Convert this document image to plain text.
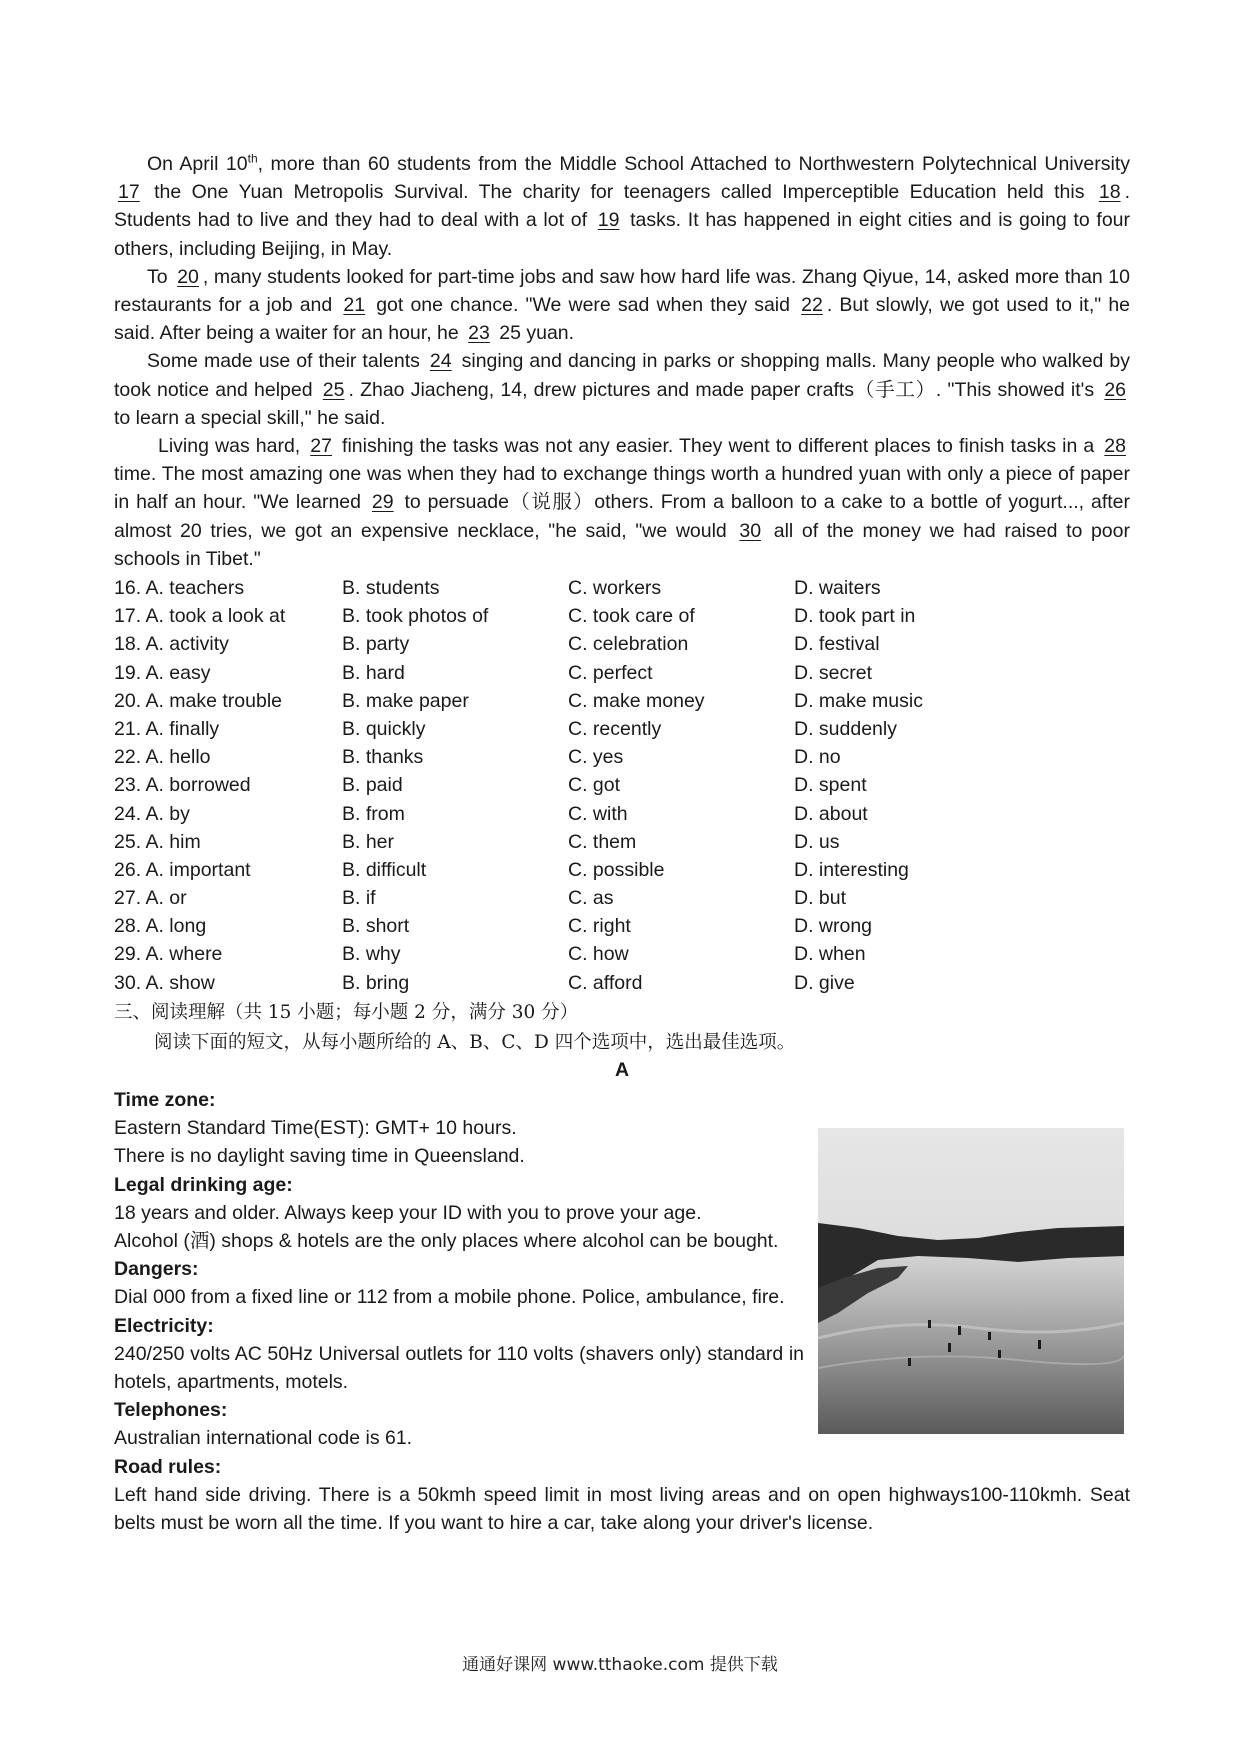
On April 10th, more than 60 students from the Middle School Attached to Northwestern Polytechnical University 17 the One Yuan Metropolis Survival. The charity for teenagers called Imperceptible Education held this 18 . Students had to live and they had to deal with a lot of 19 tasks. It has happened in eight cities and is going to four others, including Beijing, in May.

To 20 , many students looked for part-time jobs and saw how hard life was. Zhang Qiyue, 14, asked more than 10 restaurants for a job and 21 got one chance. "We were sad when they said 22 . But slowly, we got used to it," he said. After being a waiter for an hour, he 23 25 yuan.

Some made use of their talents 24 singing and dancing in parks or shopping malls. Many people who walked by took notice and helped 25 . Zhao Jiacheng, 14, drew pictures and made paper crafts（手工）. "This showed it's 26 to learn a special skill," he said.

Living was hard, 27 finishing the tasks was not any easier. They went to different places to finish tasks in a 28 time. The most amazing one was when they had to exchange things worth a hundred yuan with only a piece of paper in half an hour. "We learned 29 to persuade（说服）others. From a balloon to a cake to a bottle of yogurt..., after almost 20 tries, we got an expensive necklace, "he said, "we would 30 all of the money we had raised to poor schools in Tibet."

16. A. teachers	B. students	C. workers	D. waiters
17. A. took a look at	B. took photos of	C. took care of	D. took part in
18. A. activity	B. party	C. celebration	D. festival
19. A. easy	B. hard	C. perfect	D. secret
20. A. make trouble	B. make paper	C. make money	D. make music
21. A. finally	B. quickly	C. recently	D. suddenly
22. A. hello	B. thanks	C. yes	D. no
23. A. borrowed	B. paid	C. got	D. spent
24. A. by	B. from	C. with	D. about
25. A. him	B. her	C. them	D. us
26. A. important	B. difficult	C. possible	D. interesting
27. A. or	B. if	C. as	D. but
28. A. long	B. short	C. right	D. wrong
29. A. where	B. why	C. how	D. when
30. A. show	B. bring	C. afford	D. give
三、阅读理解（共 15 小题；每小题 2 分，满分 30 分）
阅读下面的短文，从每小题所给的 A、B、C、D 四个选项中，选出最佳选项。
A

Time zone:

Eastern Standard Time(EST): GMT+ 10 hours.

There is no daylight saving time in Queensland.

Legal drinking age:

18 years and older. Always keep your ID with you to prove your age.

Alcohol (酒) shops & hotels are the only places where alcohol can be bought.

Dangers:

Dial 000 from a fixed line or 112 from a mobile phone. Police, ambulance, fire.

Electricity:

240/250 volts AC 50Hz Universal outlets for 110 volts (shavers only) standard in hotels, apartments, motels.

Telephones:

Australian international code is 61.

Road rules:

Left hand side driving. There is a 50kmh speed limit in most living areas and on open highways100-110kmh. Seat belts must be worn all the time. If you want to hire a car, take along your driver's license.

通通好课网 www.tthaoke.com 提供下载
